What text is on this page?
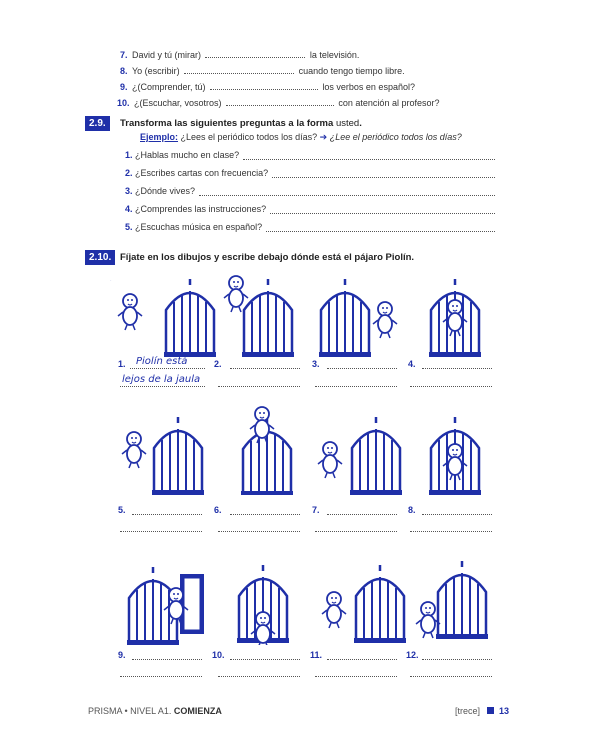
7. David y tú (mirar)	la televisión.
8. Yo (escribir)	cuando tengo tiempo libre.
9. ¿(Comprender, tú)	los verbos en español?
10. ¿(Escuchar, vosotros)	con atención al profesor?
2.9.	Transforma las siguientes preguntas a la forma usted.
Ejemplo: ¿Lees el periódico todos los días? ➔ ¿Lee el periódico todos los días?
1.
¿Hablas mucho en clase?
2.
¿Escribes cartas con frecuencia?
3.
¿Dónde vives?
4.
¿Comprendes las instrucciones?
5.
¿Escuchas música en español?
2.10. Fíjate en los dibujos y escribe debajo dónde está el pájaro Piolín.
1. Piolín está
lejos de la jaula
2.	3.	4.
5.	6.	7.	8.
9.	10.	11.	12.
PRISMA • NIVEL A1. COMIENZA	[trece] 13
